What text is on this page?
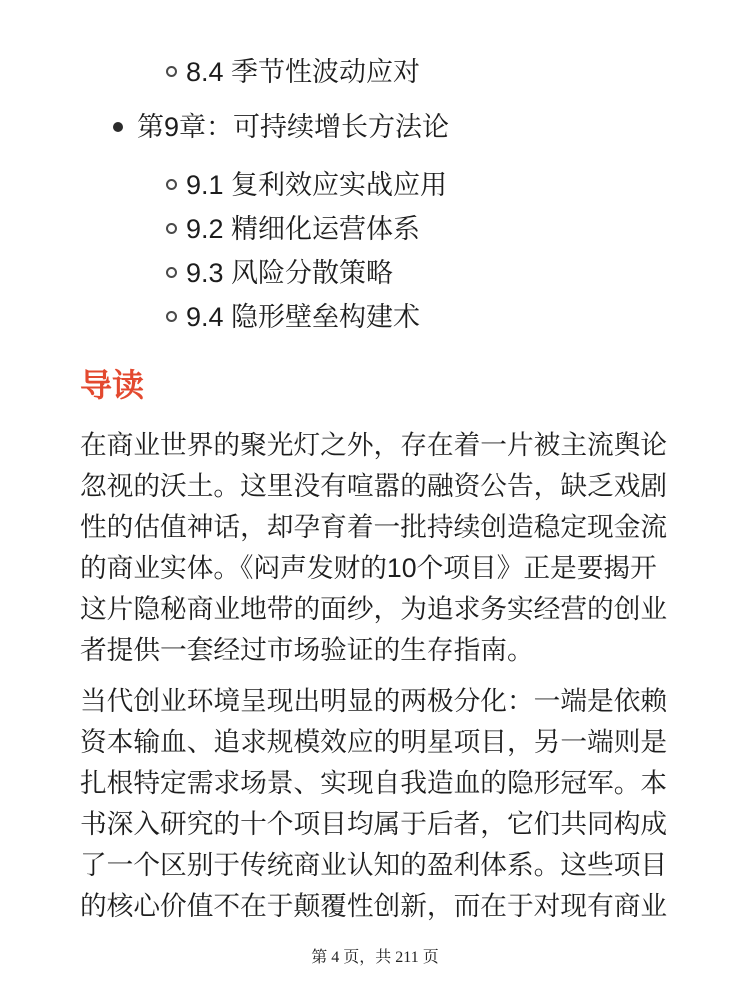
8.4 季节性波动应对
第9章：可持续增长方法论
9.1 复利效应实战应用
9.2 精细化运营体系
9.3 风险分散策略
9.4 隐形壁垒构建术
导读

在商业世界的聚光灯之外，存在着一片被主流舆论忽视的沃土。这里没有喧嚣的融资公告，缺乏戏剧性的估值神话，却孕育着一批持续创造稳定现金流的商业实体。《闷声发财的10个项目》正是要揭开这片隐秘商业地带的面纱，为追求务实经营的创业者提供一套经过市场验证的生存指南。

当代创业环境呈现出明显的两极分化：一端是依赖资本输血、追求规模效应的明星项目，另一端则是扎根特定需求场景、实现自我造血的隐形冠军。本书深入研究的十个项目均属于后者，它们共同构成了一个区别于传统商业认知的盈利体系。这些项目的核心价值不在于颠覆性创新，而在于对现有商业

第 4 页，共 211 页
